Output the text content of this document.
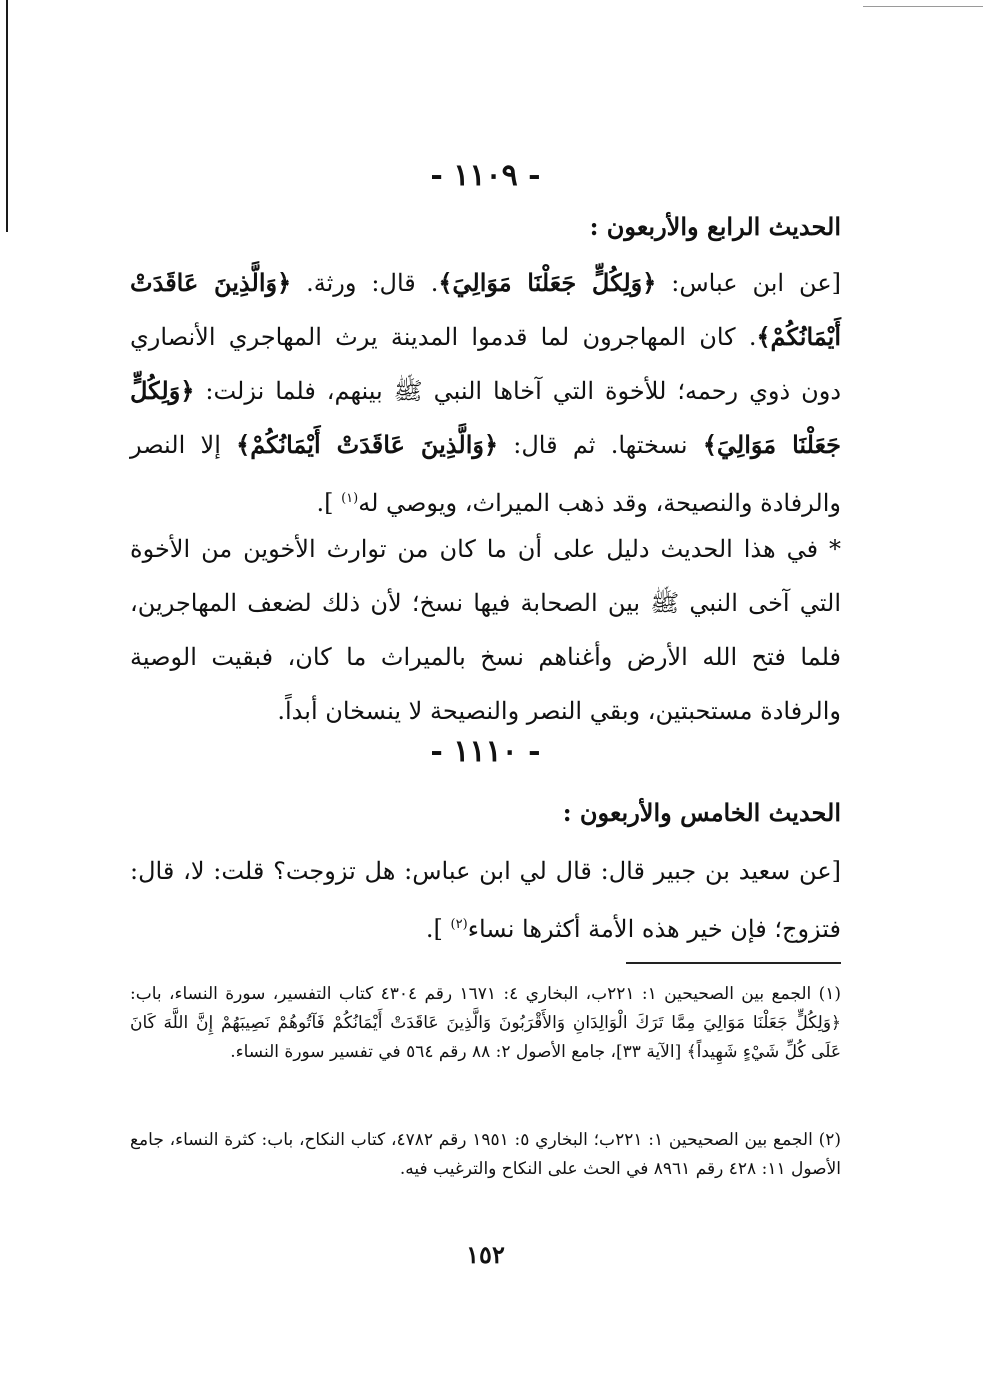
- ١١٠٩ -
الحديث الرابع والأربعون :

[عن ابن عباس: ﴿وَلِكُلٍّ جَعَلْنَا مَوَالِيَ﴾. قال: ورثة. ﴿وَالَّذِينَ عَاقَدَتْ أَيْمَانُكُمْ﴾. كان المهاجرون لما قدموا المدينة يرث المهاجري الأنصاري دون ذوي رحمه؛ للأخوة التي آخاها النبي ﷺ بينهم، فلما نزلت: ﴿وَلِكُلٍّ جَعَلْنَا مَوَالِيَ﴾ نسختها. ثم قال: ﴿وَالَّذِينَ عَاقَدَتْ أَيْمَانُكُمْ﴾ إلا النصر والرفادة والنصيحة، وقد ذهب الميراث، ويوصي له$^{(١)}$ ].

* في هذا الحديث دليل على أن ما كان من توارث الأخوين من الأخوة التي آخى النبي ﷺ بين الصحابة فيها نسخ؛ لأن ذلك لضعف المهاجرين، فلما فتح الله الأرض وأغناهم نسخ بالميراث ما كان، فبقيت الوصية والرفادة مستحبتين، وبقي النصر والنصيحة لا ينسخان أبداً.

- ١١١٠ -
الحديث الخامس والأربعون :

[عن سعيد بن جبير قال: قال لي ابن عباس: هل تزوجت؟ قلت: لا، قال: فتزوج؛ فإن خير هذه الأمة أكثرها نساء$^{(٢)}$ ].

(١) الجمع بين الصحيحين ١: ٢٢١ب، البخاري ٤: ١٦٧١ رقم ٤٣٠٤ كتاب التفسير، سورة النساء، باب: ﴿وَلِكُلٍّ جَعَلْنَا مَوَالِيَ مِمَّا تَرَكَ الْوَالِدَانِ وَالأَقْرَبُونَ وَالَّذِينَ عَاقَدَتْ أَيْمَانُكُمْ فَآتُوهُمْ نَصِيبَهُمْ إِنَّ اللَّهَ كَانَ عَلَى كُلِّ شَيْءٍ شَهِيداً﴾ [الآية ٣٣]، جامع الأصول ٢: ٨٨ رقم ٥٦٤ في تفسير سورة النساء.

(٢) الجمع بين الصحيحين ١: ٢٢١ب؛ البخاري ٥: ١٩٥١ رقم ٤٧٨٢، كتاب النكاح، باب: كثرة النساء، جامع الأصول ١١: ٤٢٨ رقم ٨٩٦١ في الحث على النكاح والترغيب فيه.

١٥٢
